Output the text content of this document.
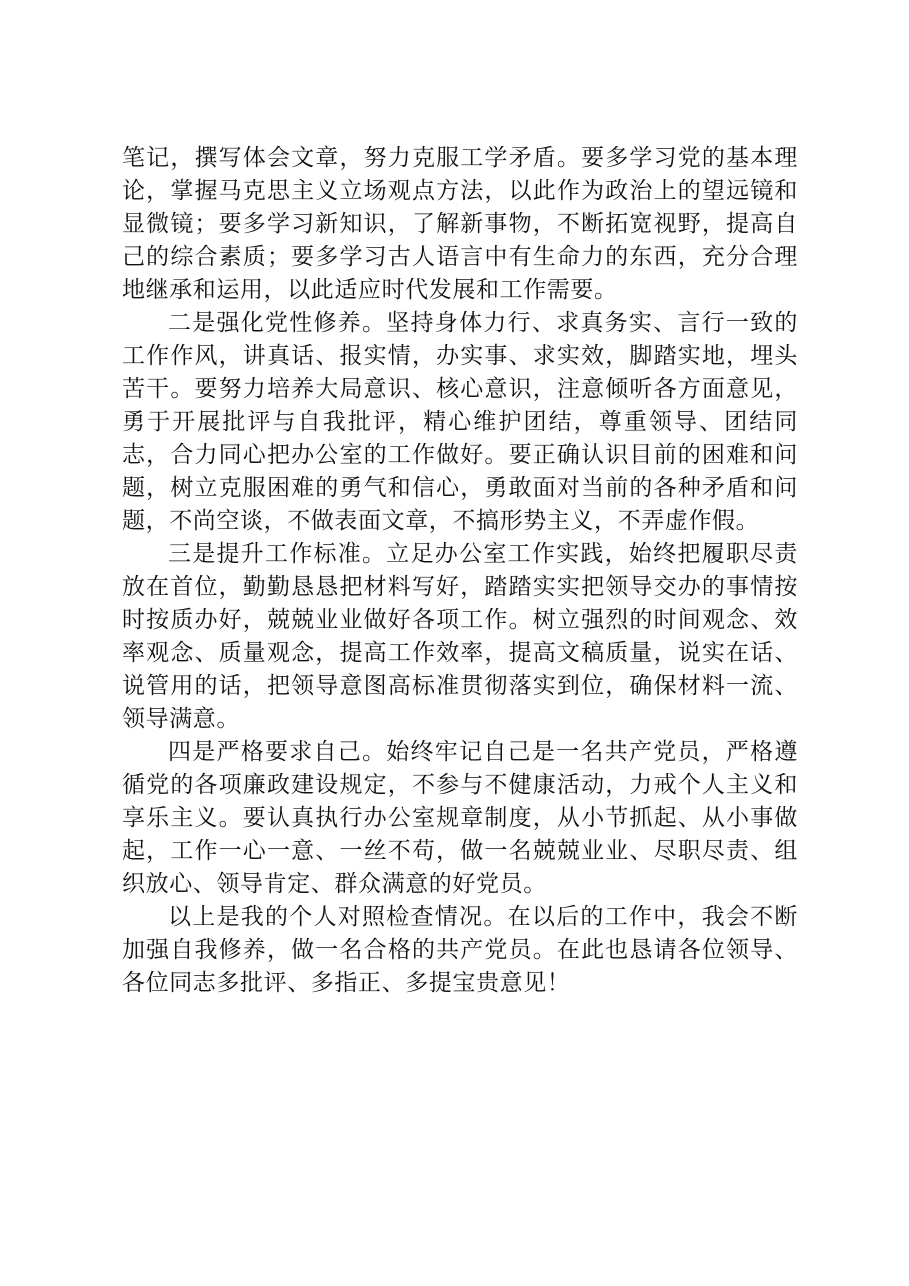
笔记，撰写体会文章，努力克服工学矛盾。要多学习党的基本理论，掌握马克思主义立场观点方法，以此作为政治上的望远镜和显微镜；要多学习新知识，了解新事物，不断拓宽视野，提高自己的综合素质；要多学习古人语言中有生命力的东西，充分合理地继承和运用，以此适应时代发展和工作需要。

二是强化党性修养。坚持身体力行、求真务实、言行一致的工作作风，讲真话、报实情，办实事、求实效，脚踏实地，埋头苦干。要努力培养大局意识、核心意识，注意倾听各方面意见，勇于开展批评与自我批评，精心维护团结，尊重领导、团结同志，合力同心把办公室的工作做好。要正确认识目前的困难和问题，树立克服困难的勇气和信心，勇敢面对当前的各种矛盾和问题，不尚空谈，不做表面文章，不搞形势主义，不弄虚作假。

三是提升工作标准。立足办公室工作实践，始终把履职尽责放在首位，勤勤恳恳把材料写好，踏踏实实把领导交办的事情按时按质办好，兢兢业业做好各项工作。树立强烈的时间观念、效率观念、质量观念，提高工作效率，提高文稿质量，说实在话、说管用的话，把领导意图高标准贯彻落实到位，确保材料一流、领导满意。

四是严格要求自己。始终牢记自己是一名共产党员，严格遵循党的各项廉政建设规定，不参与不健康活动，力戒个人主义和享乐主义。要认真执行办公室规章制度，从小节抓起、从小事做起，工作一心一意、一丝不苟，做一名兢兢业业、尽职尽责、组织放心、领导肯定、群众满意的好党员。

以上是我的个人对照检查情况。在以后的工作中，我会不断加强自我修养，做一名合格的共产党员。在此也恳请各位领导、各位同志多批评、多指正、多提宝贵意见！
